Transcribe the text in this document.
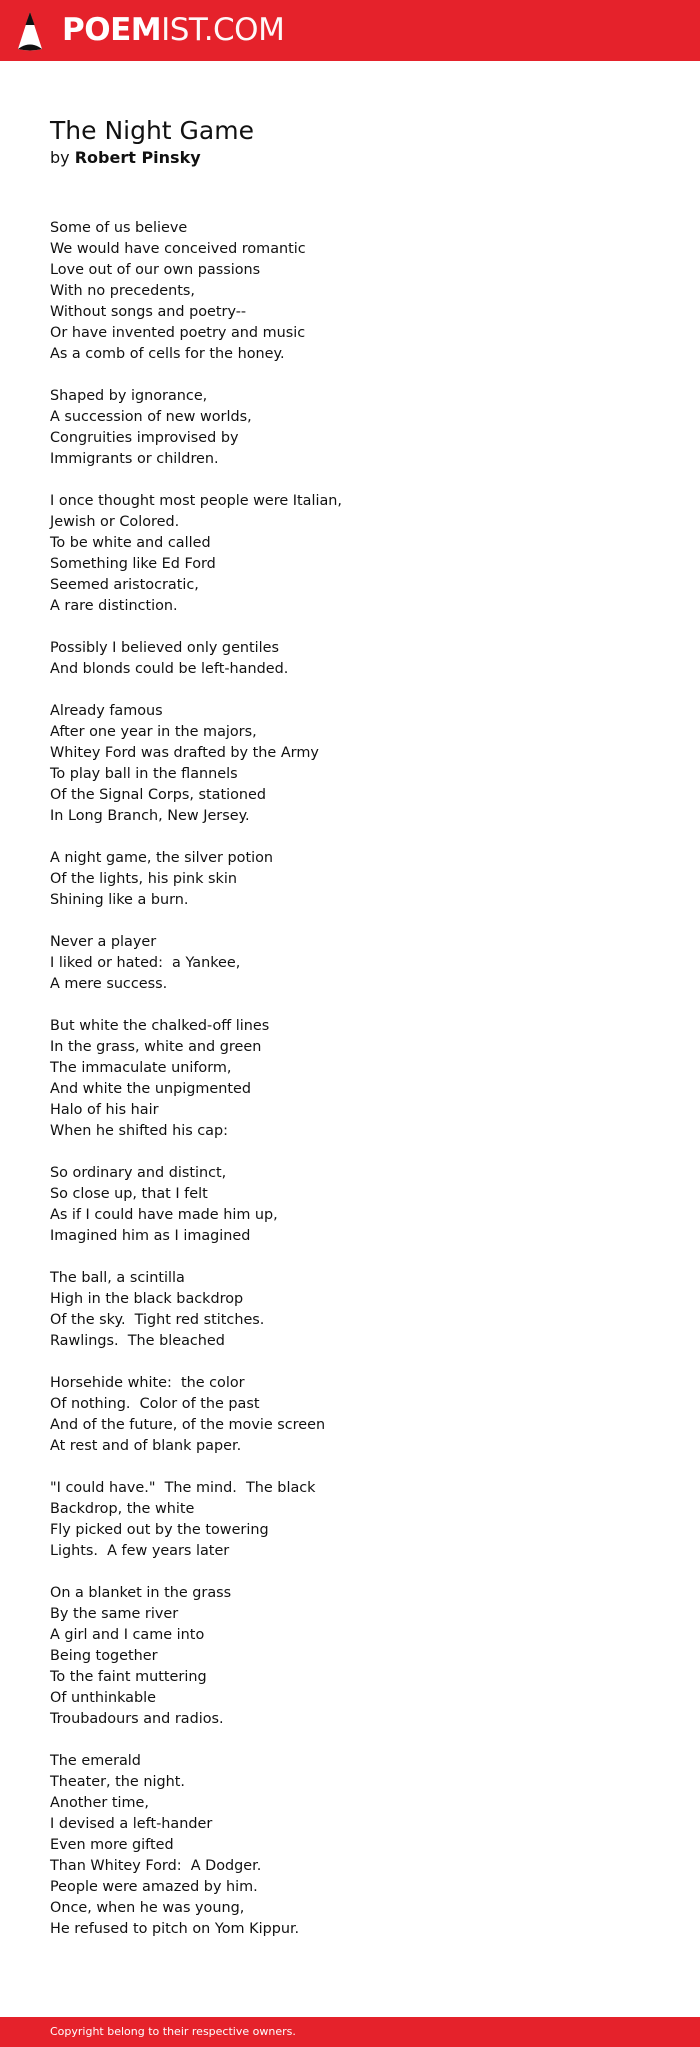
POEMIST.COM
The Night Game
by Robert Pinsky
Some of us believe
We would have conceived romantic
Love out of our own passions
With no precedents,
Without songs and poetry--
Or have invented poetry and music
As a comb of cells for the honey.
Shaped by ignorance,
A succession of new worlds,
Congruities improvised by
Immigrants or children.
I once thought most people were Italian,
Jewish or Colored.
To be white and called
Something like Ed Ford
Seemed aristocratic,
A rare distinction.
Possibly I believed only gentiles
And blonds could be left-handed.
Already famous
After one year in the majors,
Whitey Ford was drafted by the Army
To play ball in the flannels
Of the Signal Corps, stationed
In Long Branch, New Jersey.
A night game, the silver potion
Of the lights, his pink skin
Shining like a burn.
Never a player
I liked or hated:  a Yankee,
A mere success.
But white the chalked-off lines
In the grass, white and green
The immaculate uniform,
And white the unpigmented
Halo of his hair
When he shifted his cap:
So ordinary and distinct,
So close up, that I felt
As if I could have made him up,
Imagined him as I imagined
The ball, a scintilla
High in the black backdrop
Of the sky.  Tight red stitches.
Rawlings.  The bleached
Horsehide white:  the color
Of nothing.  Color of the past
And of the future, of the movie screen
At rest and of blank paper.
"I could have."  The mind.  The black
Backdrop, the white
Fly picked out by the towering
Lights.  A few years later
On a blanket in the grass
By the same river
A girl and I came into
Being together
To the faint muttering
Of unthinkable
Troubadours and radios.
The emerald
Theater, the night.
Another time,
I devised a left-hander
Even more gifted
Than Whitey Ford:  A Dodger.
People were amazed by him.
Once, when he was young,
He refused to pitch on Yom Kippur.
Copyright belong to their respective owners.
